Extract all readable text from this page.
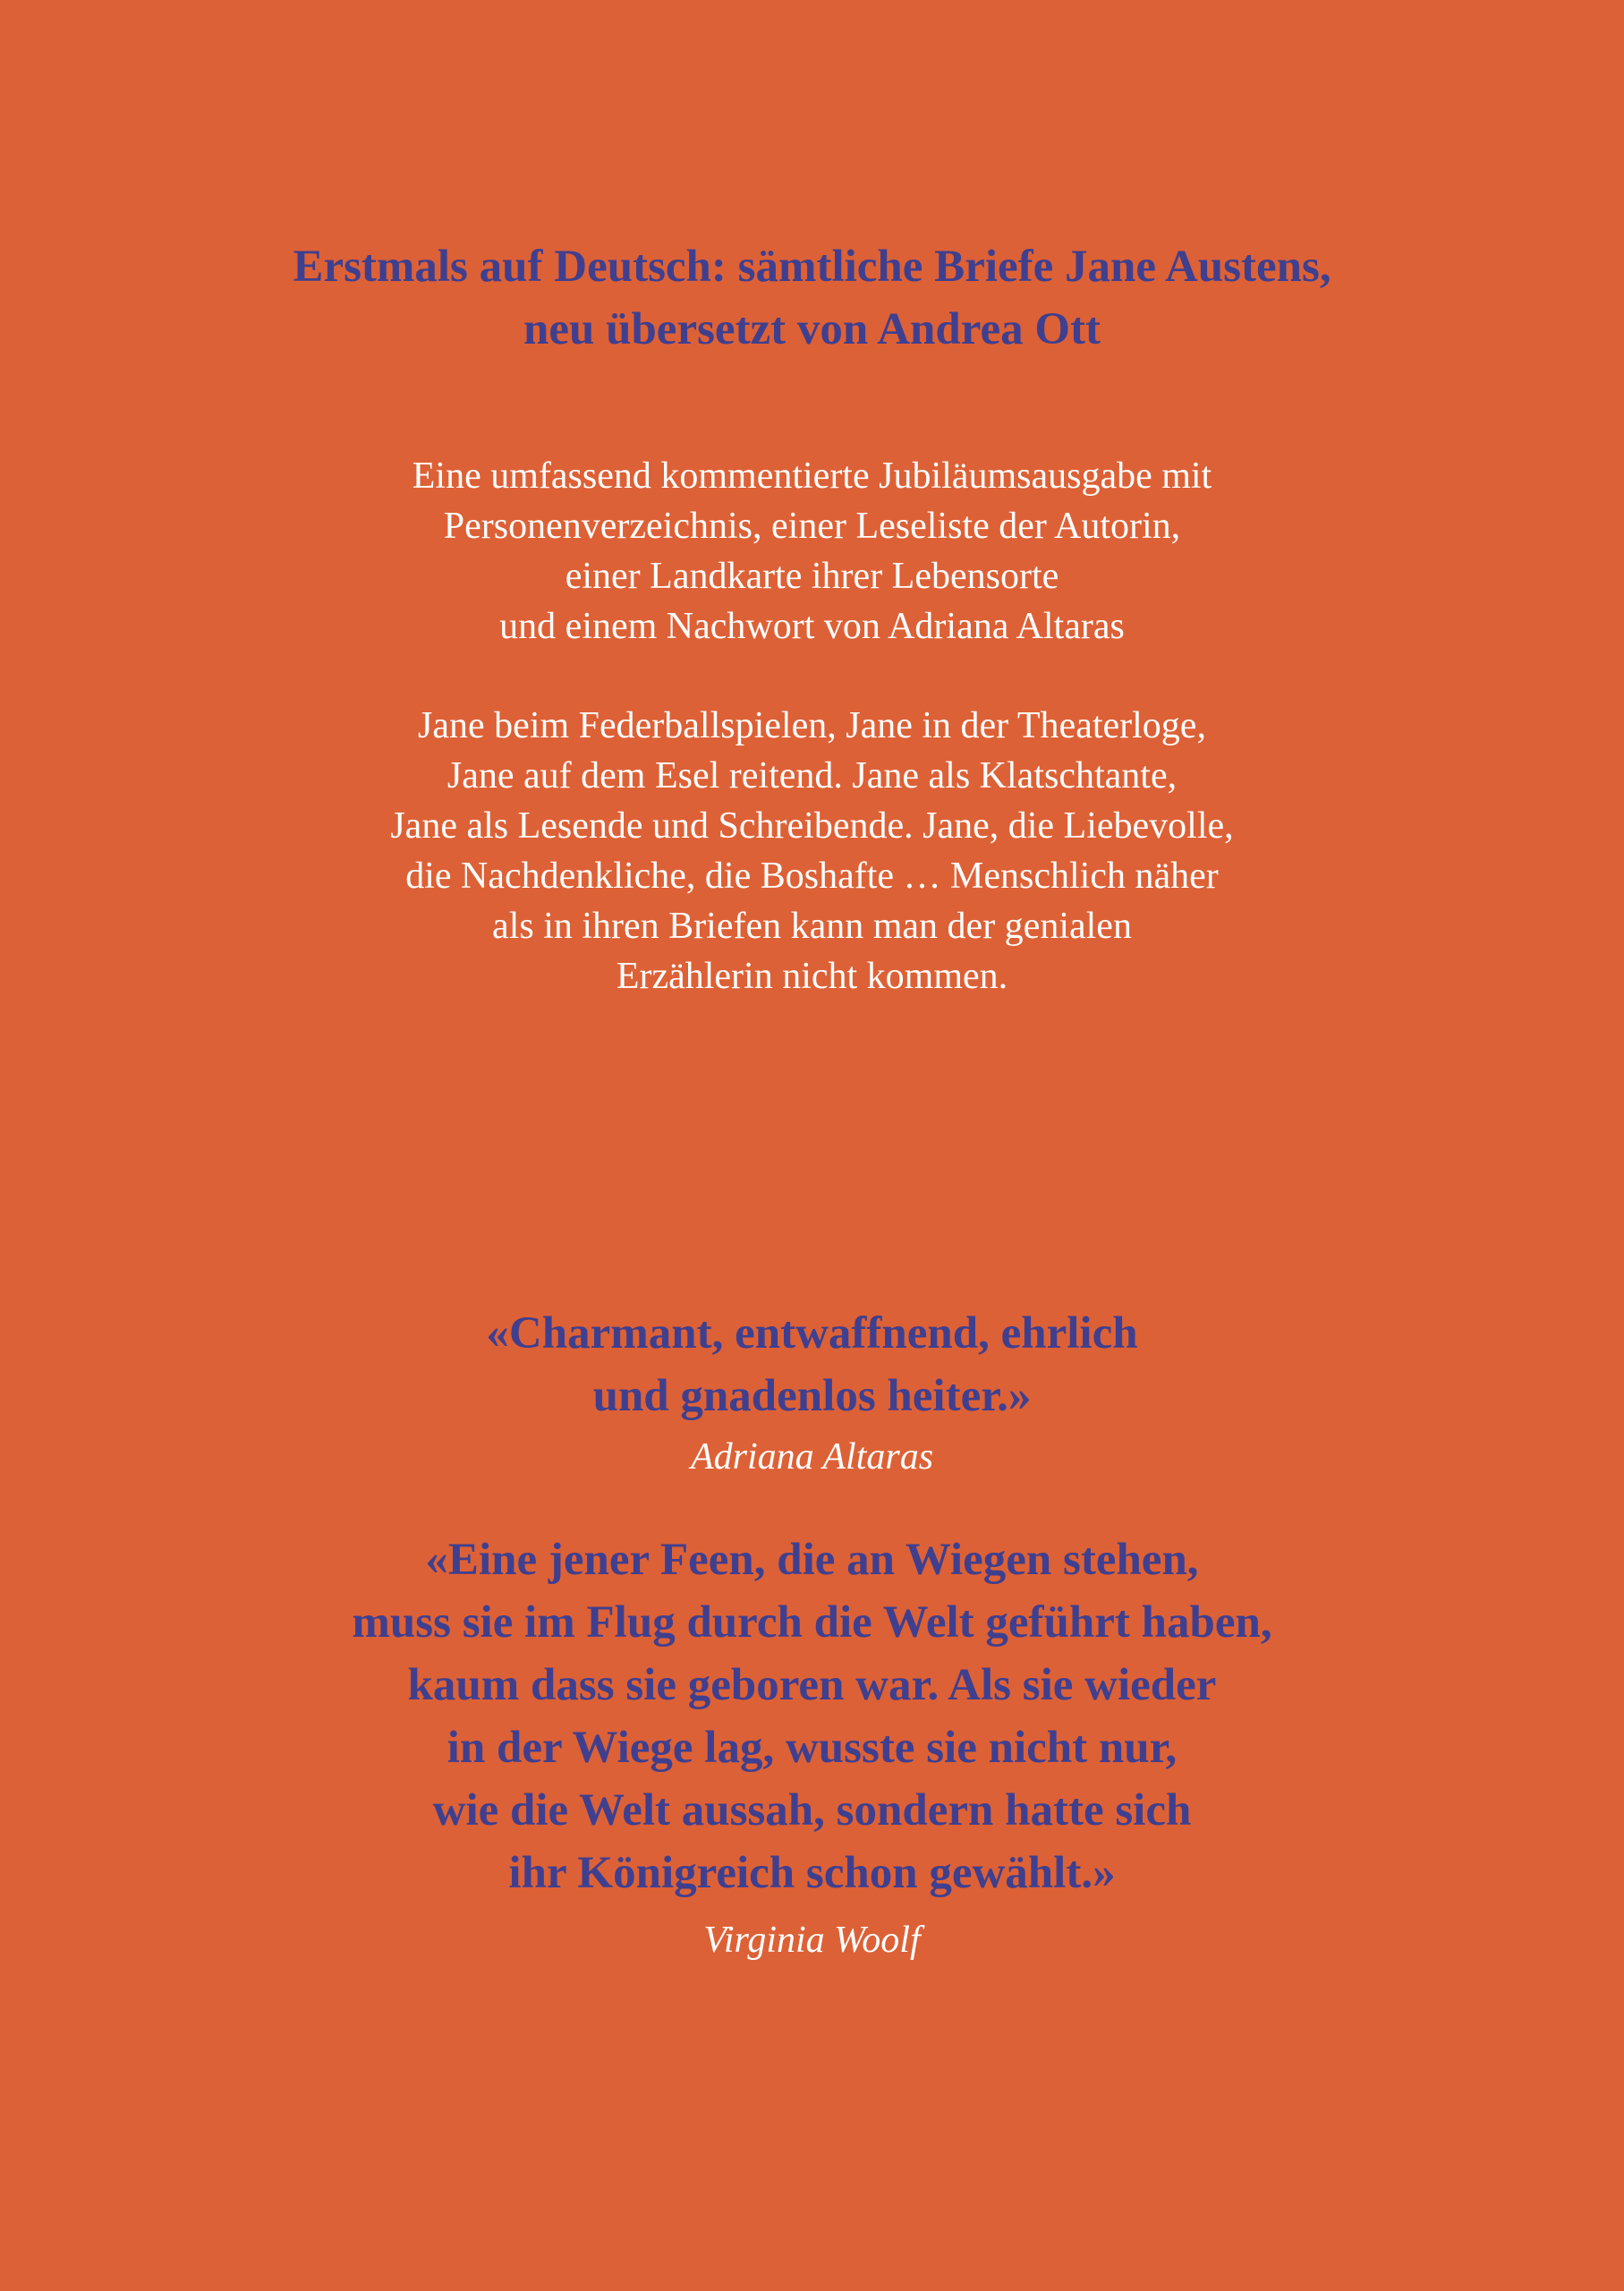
Erstmals auf Deutsch: sämtliche Briefe Jane Austens,
neu übersetzt von Andrea Ott
Eine umfassend kommentierte Jubiläumsausgabe mit
Personenverzeichnis, einer Leseliste der Autorin,
einer Landkarte ihrer Lebensorte
und einem Nachwort von Adriana Altaras
Jane beim Federballspielen, Jane in der Theaterloge,
Jane auf dem Esel reitend. Jane als Klatschtante,
Jane als Lesende und Schreibende. Jane, die Liebevolle,
die Nachdenkliche, die Boshafte … Menschlich näher
als in ihren Briefen kann man der genialen
Erzählerin nicht kommen.
«Charmant, entwaffnend, ehrlich
und gnadenlos heiter.»
Adriana Altaras
«Eine jener Feen, die an Wiegen stehen,
muss sie im Flug durch die Welt geführt haben,
kaum dass sie geboren war. Als sie wieder
in der Wiege lag, wusste sie nicht nur,
wie die Welt aussah, sondern hatte sich
ihr Königreich schon gewählt.»
Virginia Woolf
